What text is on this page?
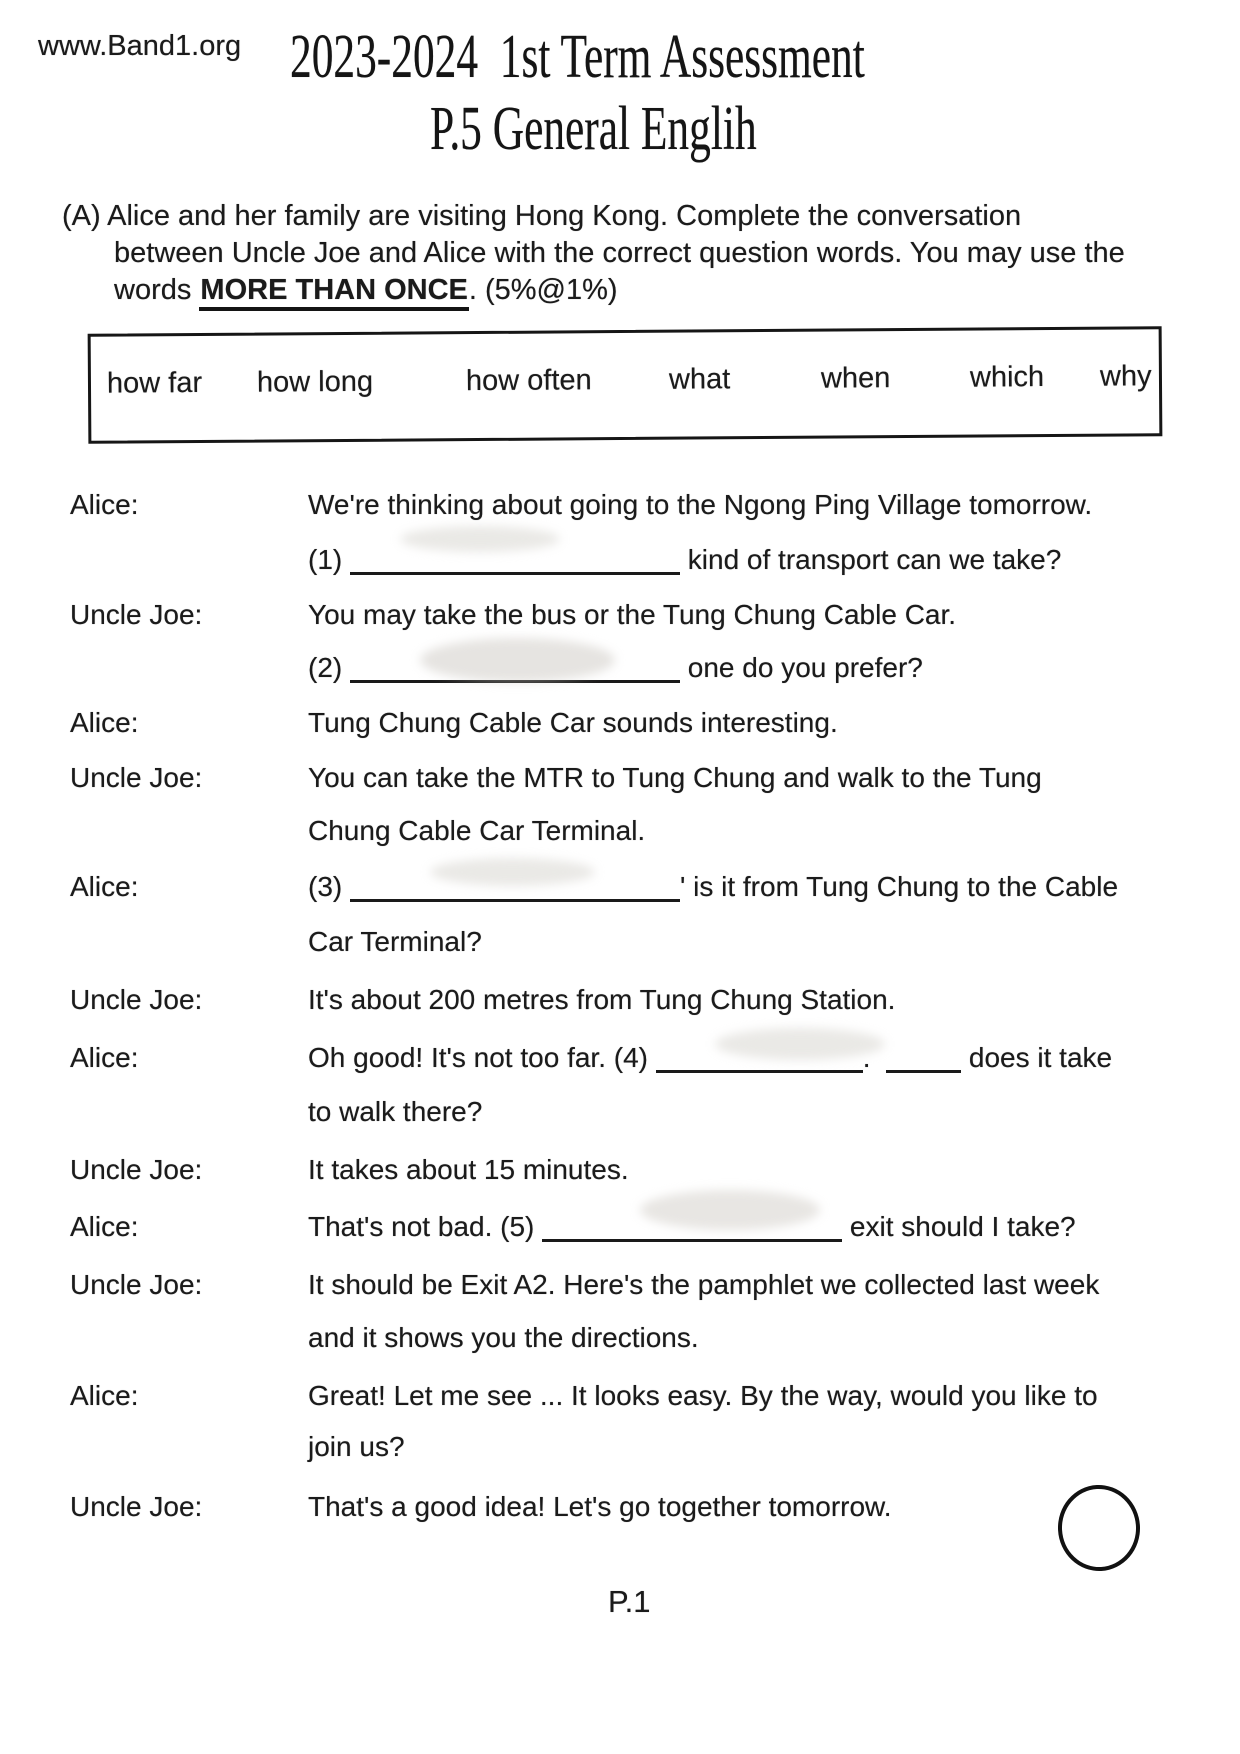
www.Band1.org 2023-2024  1st Term Assessment
P.5 General Englih
(A) Alice and her family are visiting Hong Kong. Complete the conversation
between Uncle Joe and Alice with the correct question words. You may use the
words MORE THAN ONCE. (5%@1%)
how far how long	how often	what	when	which why
Alice:	We're thinking about going to the Ngong Ping Village tomorrow.
(1)	kind of transport can we take?
Uncle Joe:	You may take the bus or the Tung Chung Cable Car.
(2)	one do you prefer?
Alice:	Tung Chung Cable Car sounds interesting.
Uncle Joe:	You can take the MTR to Tung Chung and walk to the Tung
Chung Cable Car Terminal.
Alice:	(3)	' is it from Tung Chung to the Cable
Car Terminal?
Uncle Joe:	It's about 200 metres from Tung Chung Station.
Alice:	Oh good! It's not too far. (4)	.	does it take
to walk there?
Uncle Joe:	It takes about 15 minutes.
Alice:	That's not bad. (5)	exit should I take?
Uncle Joe:	It should be Exit A2. Here's the pamphlet we collected last week
and it shows you the directions.
Alice:	Great! Let me see ... It looks easy. By the way, would you like to
join us?
Uncle Joe:	That's a good idea! Let's go together tomorrow.
P.1
